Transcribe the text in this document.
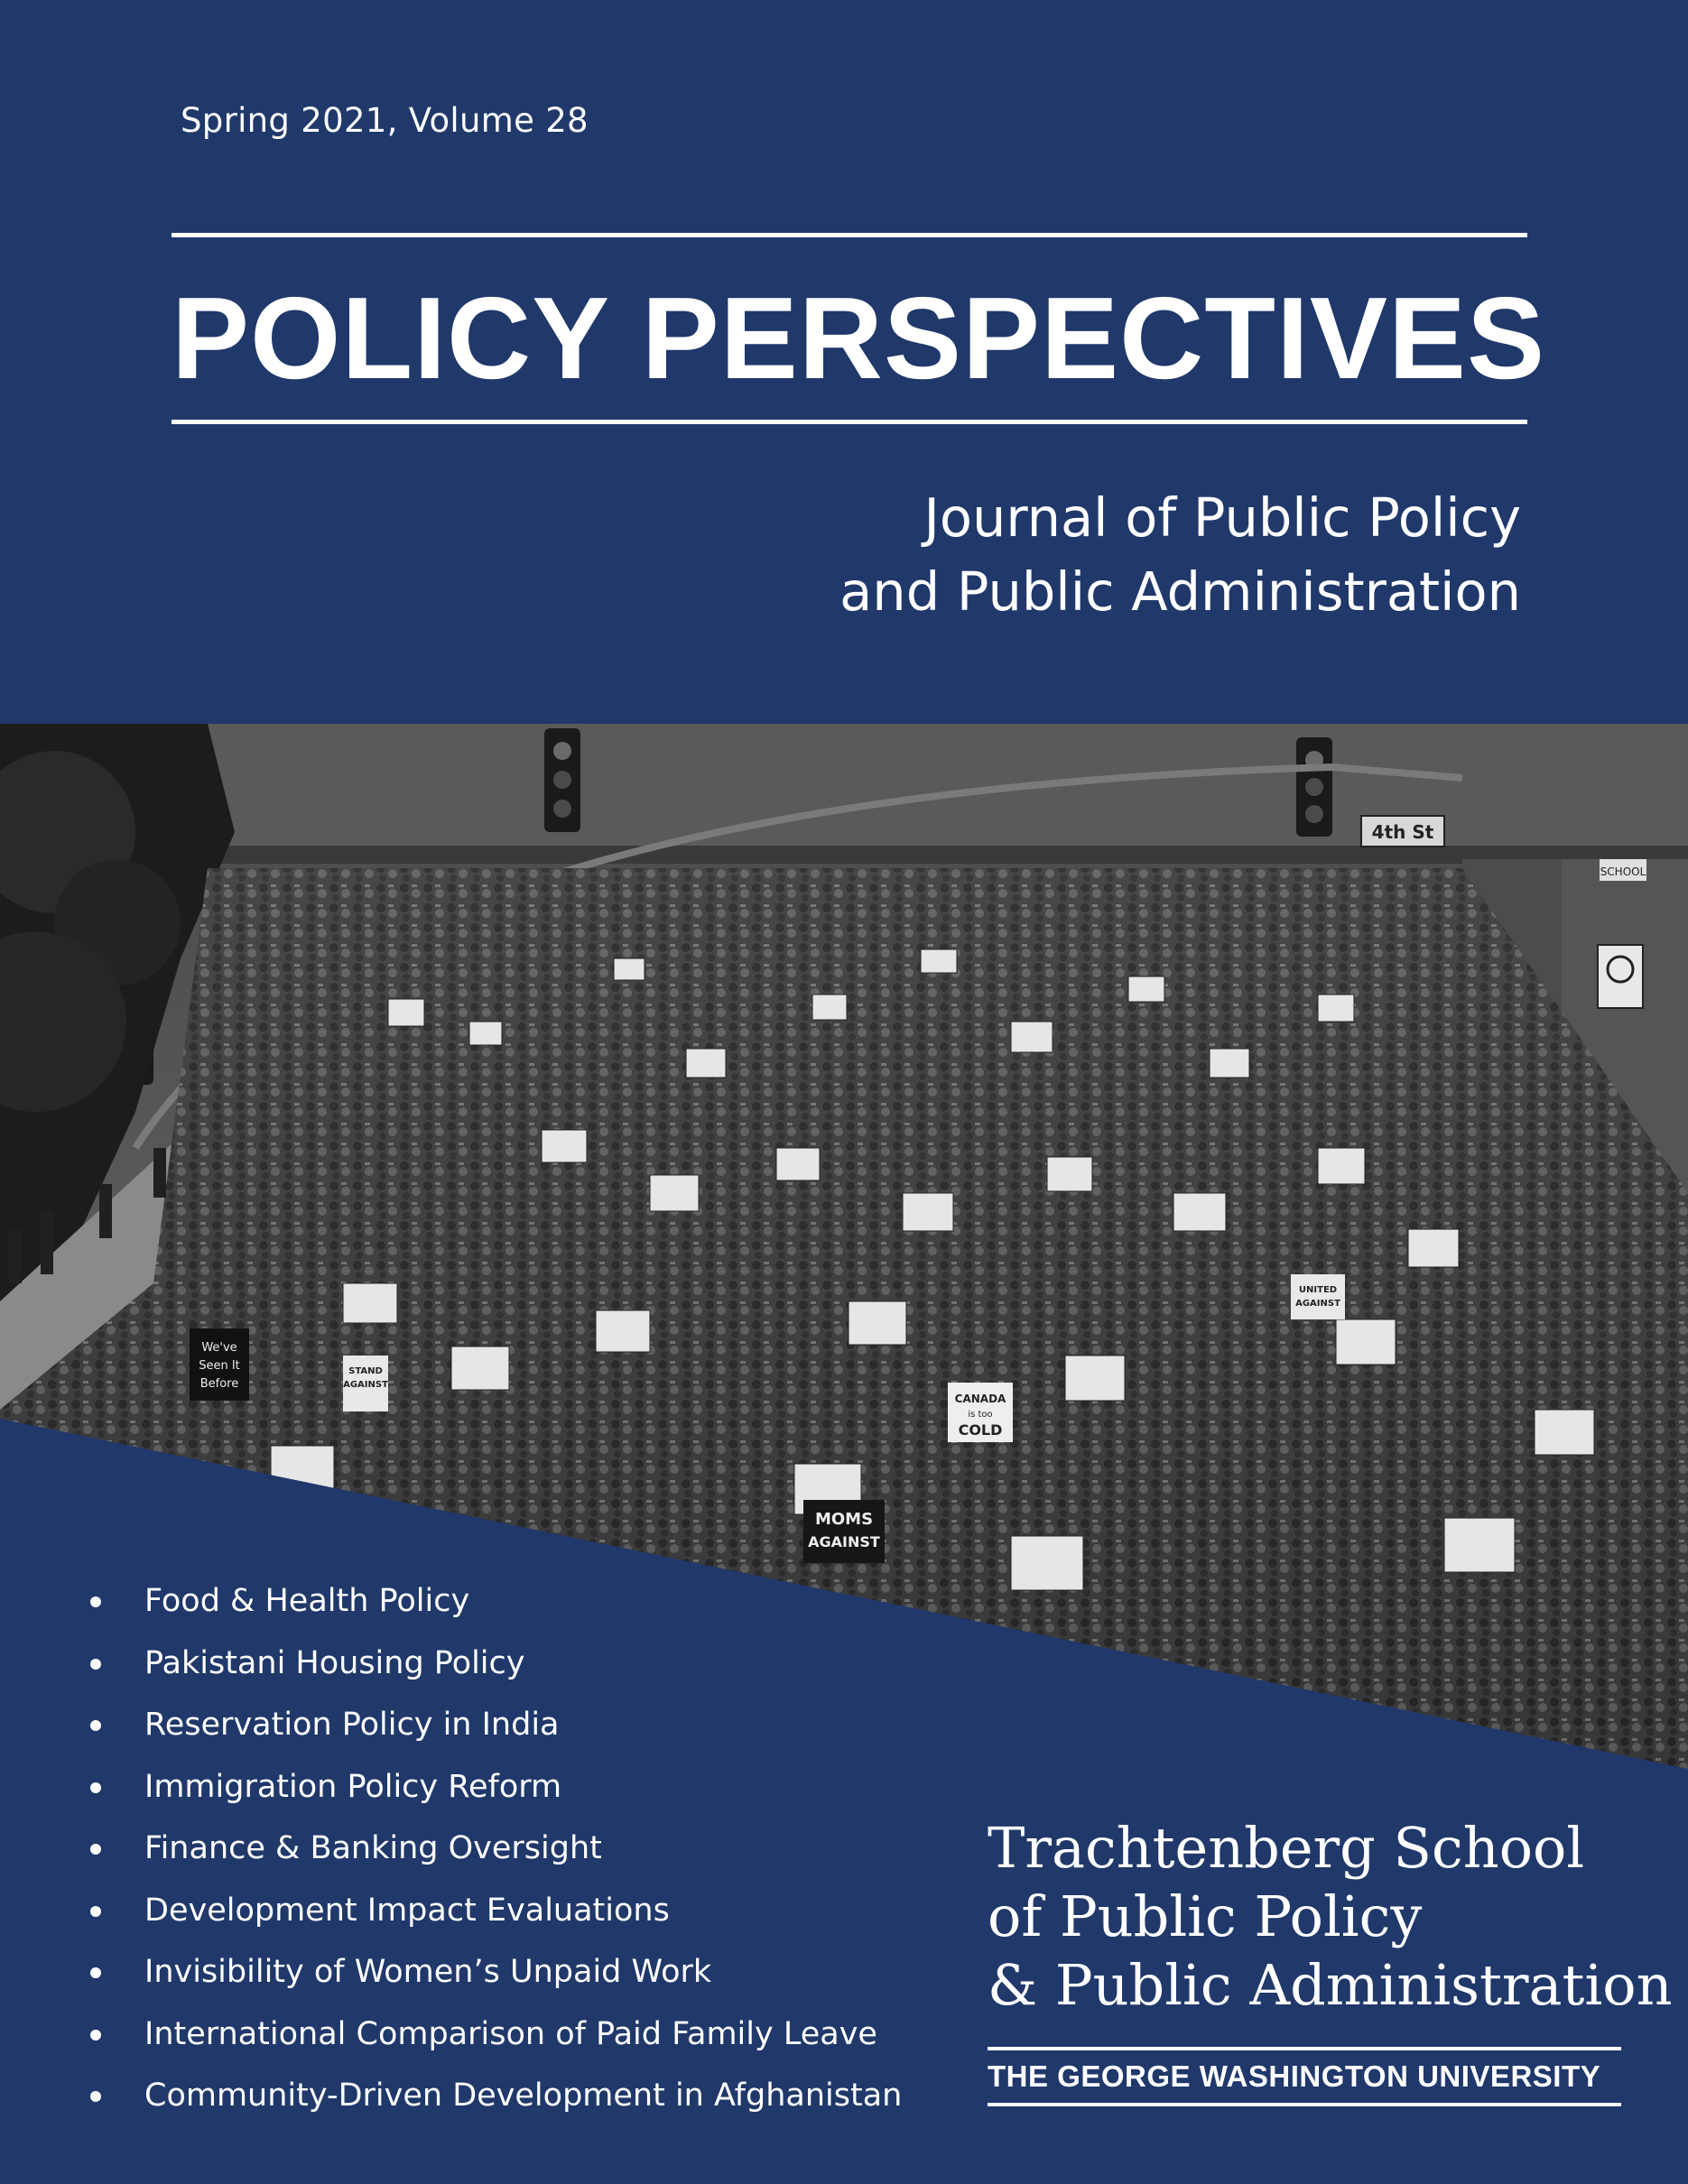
Spring 2021, Volume 28
POLICY PERSPECTIVES
Journal of Public Policy
and Public Administration
4th St
SCHOOL
We've
Seen It
Before
STAND
AGAINST
CANADA
is too
COLD
MOMS
AGAINST
UNITED
AGAINST
Food & Health Policy
Pakistani Housing Policy
Reservation Policy in India
Immigration Policy Reform
Finance & Banking Oversight
Development Impact Evaluations
Invisibility of Women’s Unpaid Work
International Comparison of Paid Family Leave
Community-Driven Development in Afghanistan
Trachtenberg School
of Public Policy
& Public Administration
THE GEORGE WASHINGTON UNIVERSITY
